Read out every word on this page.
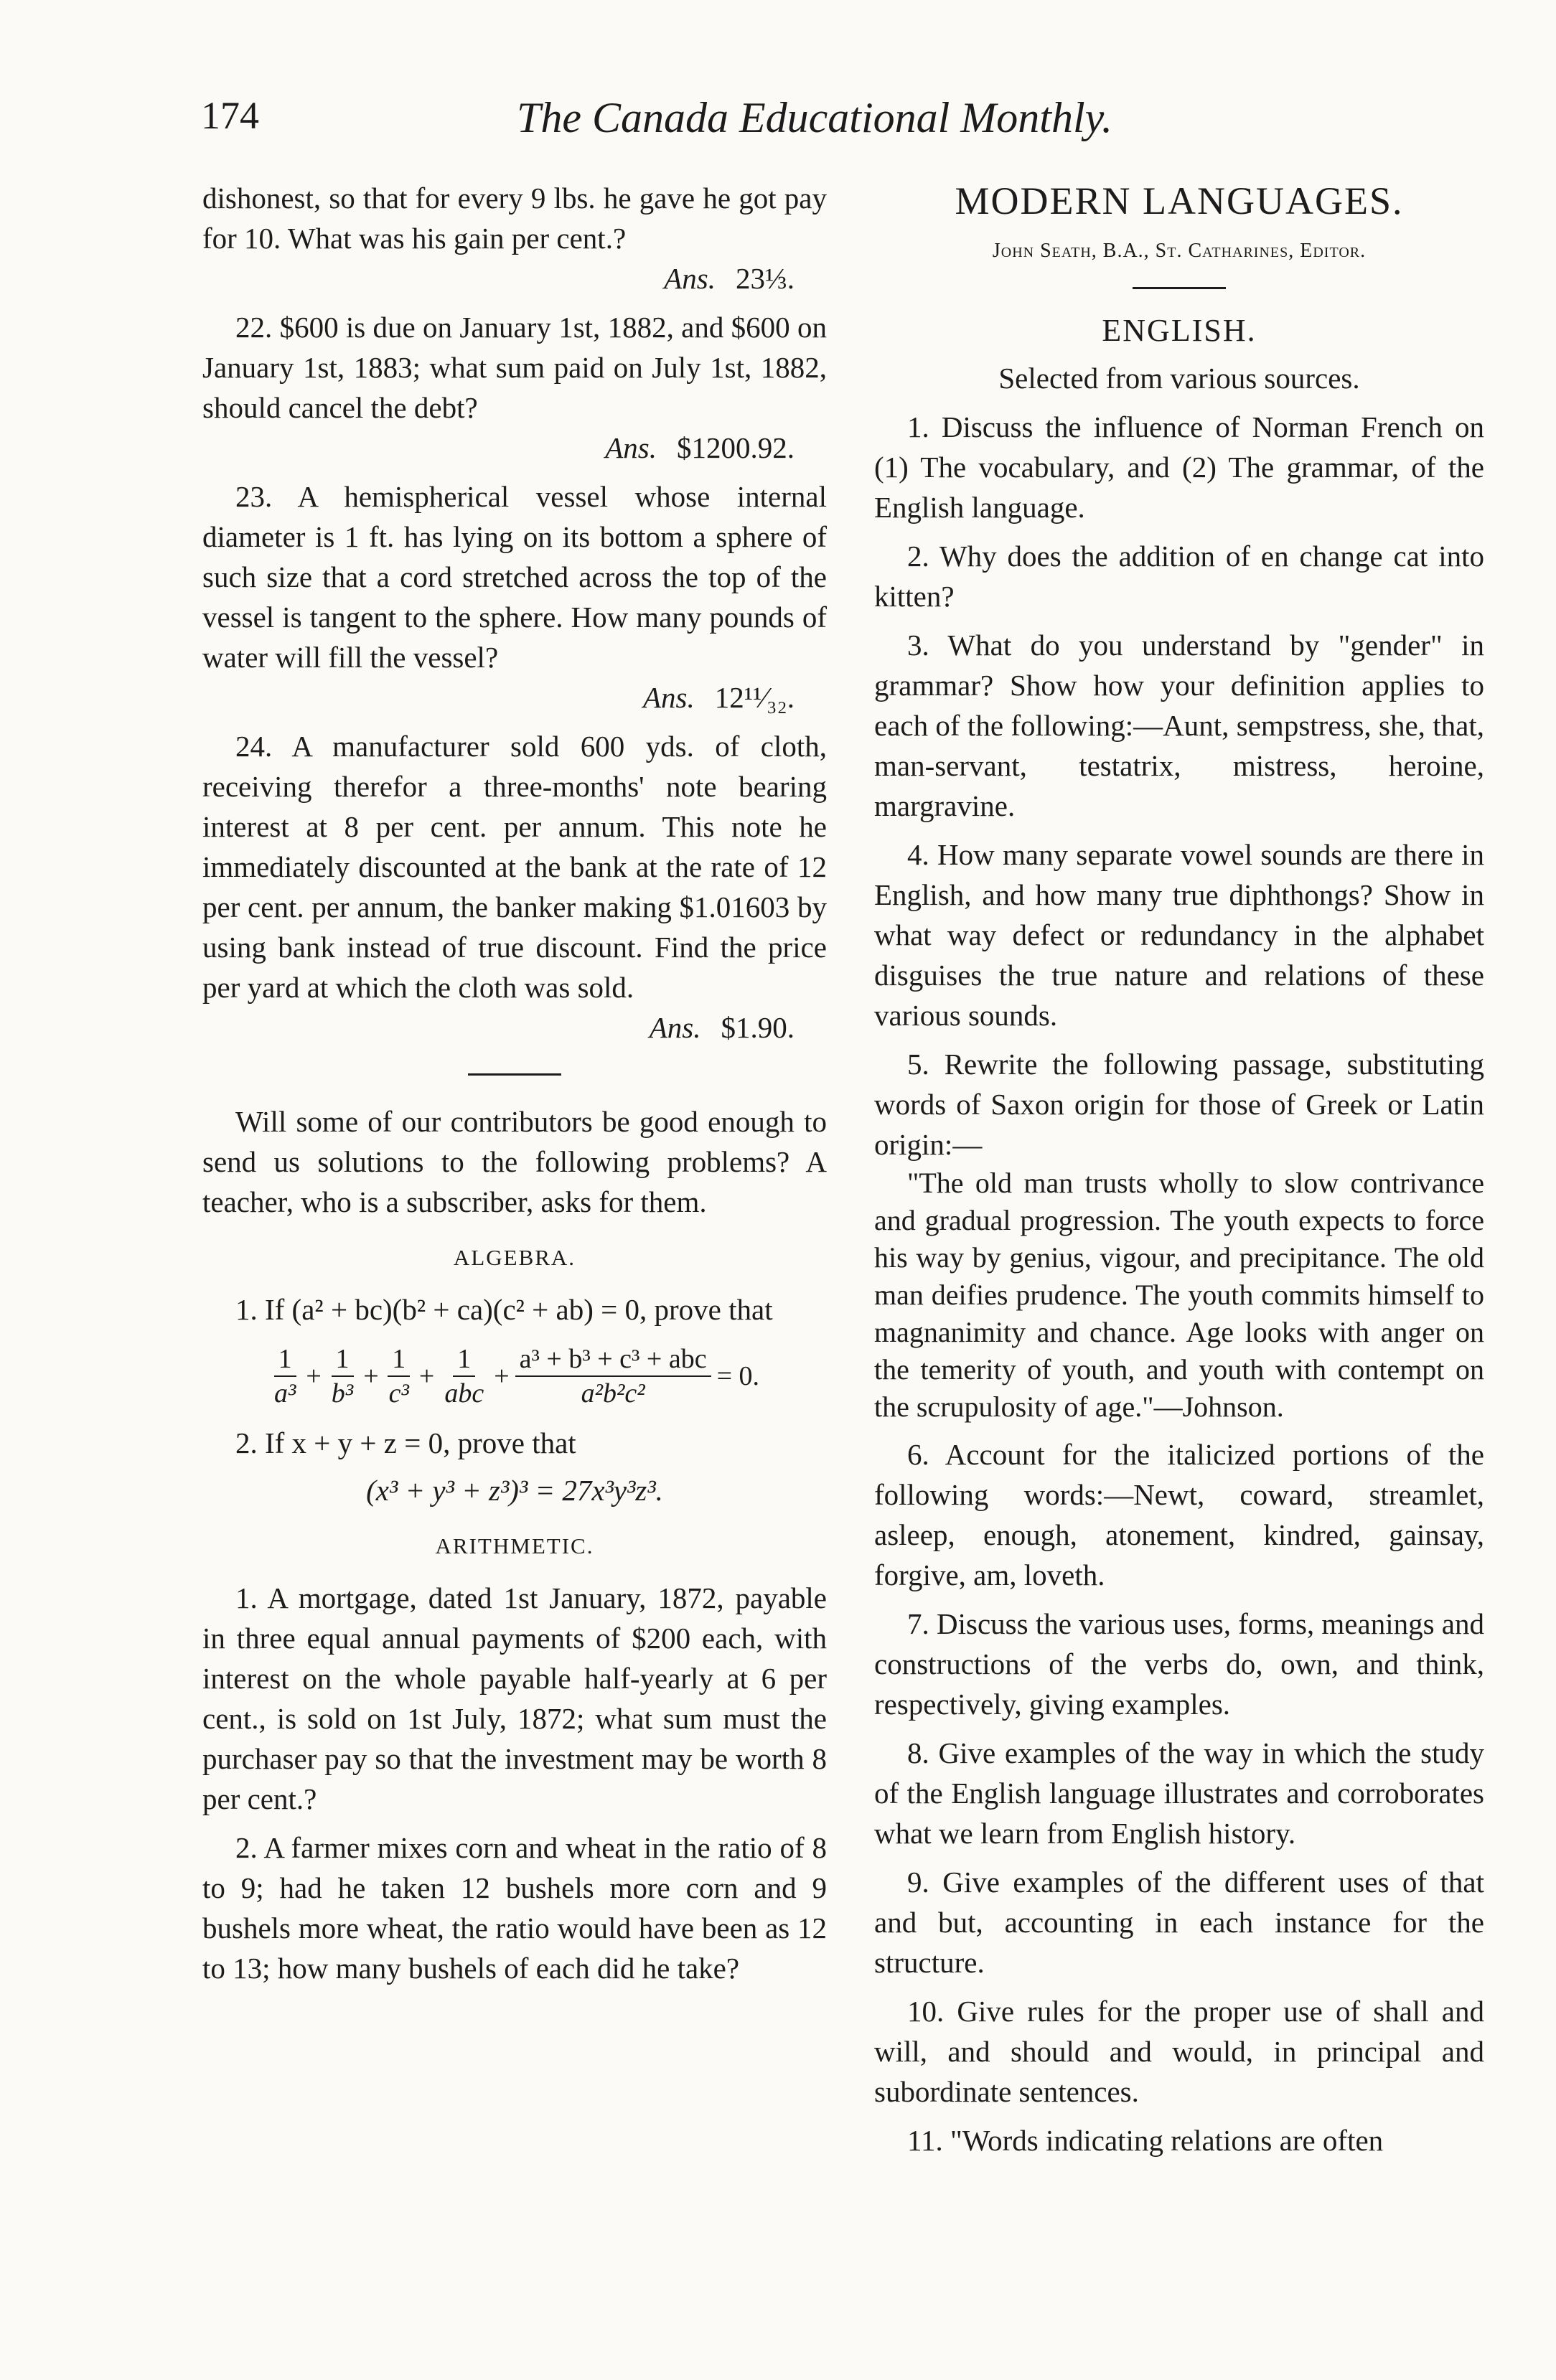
174	The Canada Educational Monthly.

dishonest, so that for every 9 lbs. he gave he got pay for 10. What was his gain per cent.?

Ans. 23⅓.

22. $600 is due on January 1st, 1882, and $600 on January 1st, 1883; what sum paid on July 1st, 1882, should cancel the debt?

Ans. $1200.92.

23. A hemispherical vessel whose internal diameter is 1 ft. has lying on its bottom a sphere of such size that a cord stretched across the top of the vessel is tangent to the sphere. How many pounds of water will fill the vessel?

Ans. 12¹¹⁄₃₂.

24. A manufacturer sold 600 yds. of cloth, receiving therefor a three-months' note bearing interest at 8 per cent. per annum. This note he immediately discounted at the bank at the rate of 12 per cent. per annum, the banker making $1.01603 by using bank instead of true discount. Find the price per yard at which the cloth was sold.

Ans. $1.90.

Will some of our contributors be good enough to send us solutions to the following problems? A teacher, who is a subscriber, asks for them.

ALGEBRA.

1. If (a² + bc)(b² + ca)(c² + ab) = 0, prove that

$\frac{1}{\text{a³}} + \frac{1}{\text{b³}} + \frac{1}{\text{c³}} + \frac{1}{\text{abc}} + \frac{\text{a³ + b³ + c³ + abc}}{\text{a²b²c²}} = 0$.

2. If x + y + z = 0, prove that

(x³ + y³ + z³)³ = 27x³y³z³.

ARITHMETIC.

1. A mortgage, dated 1st January, 1872, payable in three equal annual payments of $200 each, with interest on the whole payable half-yearly at 6 per cent., is sold on 1st July, 1872; what sum must the purchaser pay so that the investment may be worth 8 per cent.?

2. A farmer mixes corn and wheat in the ratio of 8 to 9; had he taken 12 bushels more corn and 9 bushels more wheat, the ratio would have been as 12 to 13; how many bushels of each did he take?

MODERN LANGUAGES.
John Seath, B.A., St. Catharines, Editor.
ENGLISH.

Selected from various sources.

1. Discuss the influence of Norman French on (1) The vocabulary, and (2) The grammar, of the English language.

2. Why does the addition of en change cat into kitten?

3. What do you understand by "gender" in grammar? Show how your definition applies to each of the following:—Aunt, sempstress, she, that, man-servant, testatrix, mistress, heroine, margravine.

4. How many separate vowel sounds are there in English, and how many true diphthongs? Show in what way defect or redundancy in the alphabet disguises the true nature and relations of these various sounds.

5. Rewrite the following passage, substituting words of Saxon origin for those of Greek or Latin origin:—

"The old man trusts wholly to slow contrivance and gradual progression. The youth expects to force his way by genius, vigour, and precipitance. The old man deifies prudence. The youth commits himself to magnanimity and chance. Age looks with anger on the temerity of youth, and youth with contempt on the scrupulosity of age."—Johnson.

6. Account for the italicized portions of the following words:—Newt, coward, streamlet, asleep, enough, atonement, kindred, gainsay, forgive, am, loveth.

7. Discuss the various uses, forms, meanings and constructions of the verbs do, own, and think, respectively, giving examples.

8. Give examples of the way in which the study of the English language illustrates and corroborates what we learn from English history.

9. Give examples of the different uses of that and but, accounting in each instance for the structure.

10. Give rules for the proper use of shall and will, and should and would, in principal and subordinate sentences.

11. "Words indicating relations are often
